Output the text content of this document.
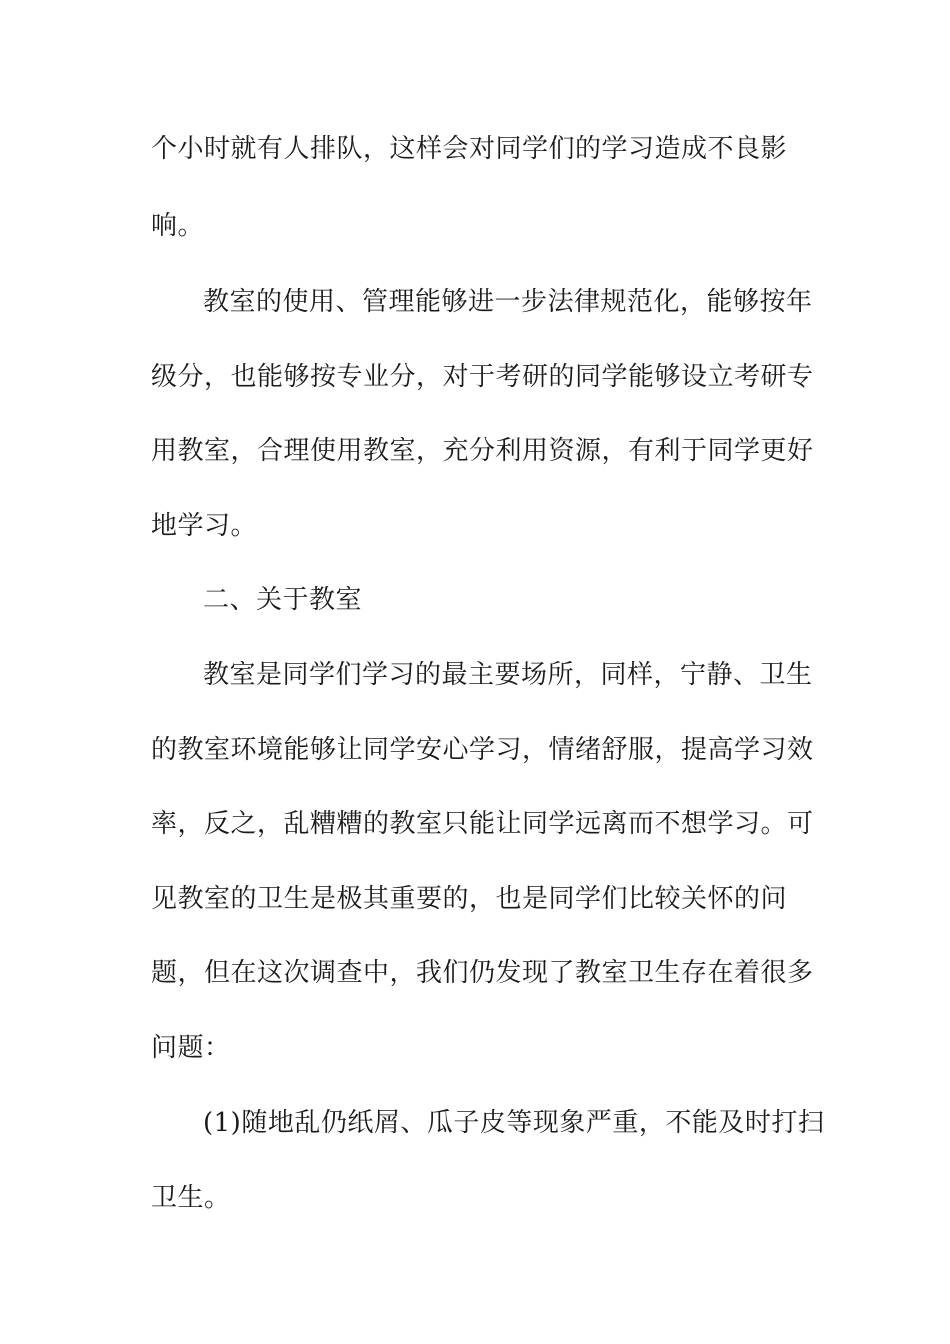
个小时就有人排队，这样会对同学们的学习造成不良影
响。
教室的使用、管理能够进一步法律规范化，能够按年
级分，也能够按专业分，对于考研的同学能够设立考研专
用教室，合理使用教室，充分利用资源，有利于同学更好
地学习。
二、关于教室
教室是同学们学习的最主要场所，同样，宁静、卫生
的教室环境能够让同学安心学习，情绪舒服，提高学习效
率，反之，乱糟糟的教室只能让同学远离而不想学习。可
见教室的卫生是极其重要的，也是同学们比较关怀的问
题，但在这次调查中，我们仍发现了教室卫生存在着很多
问题：
(1)随地乱仍纸屑、瓜子皮等现象严重，不能及时打扫
卫生。
